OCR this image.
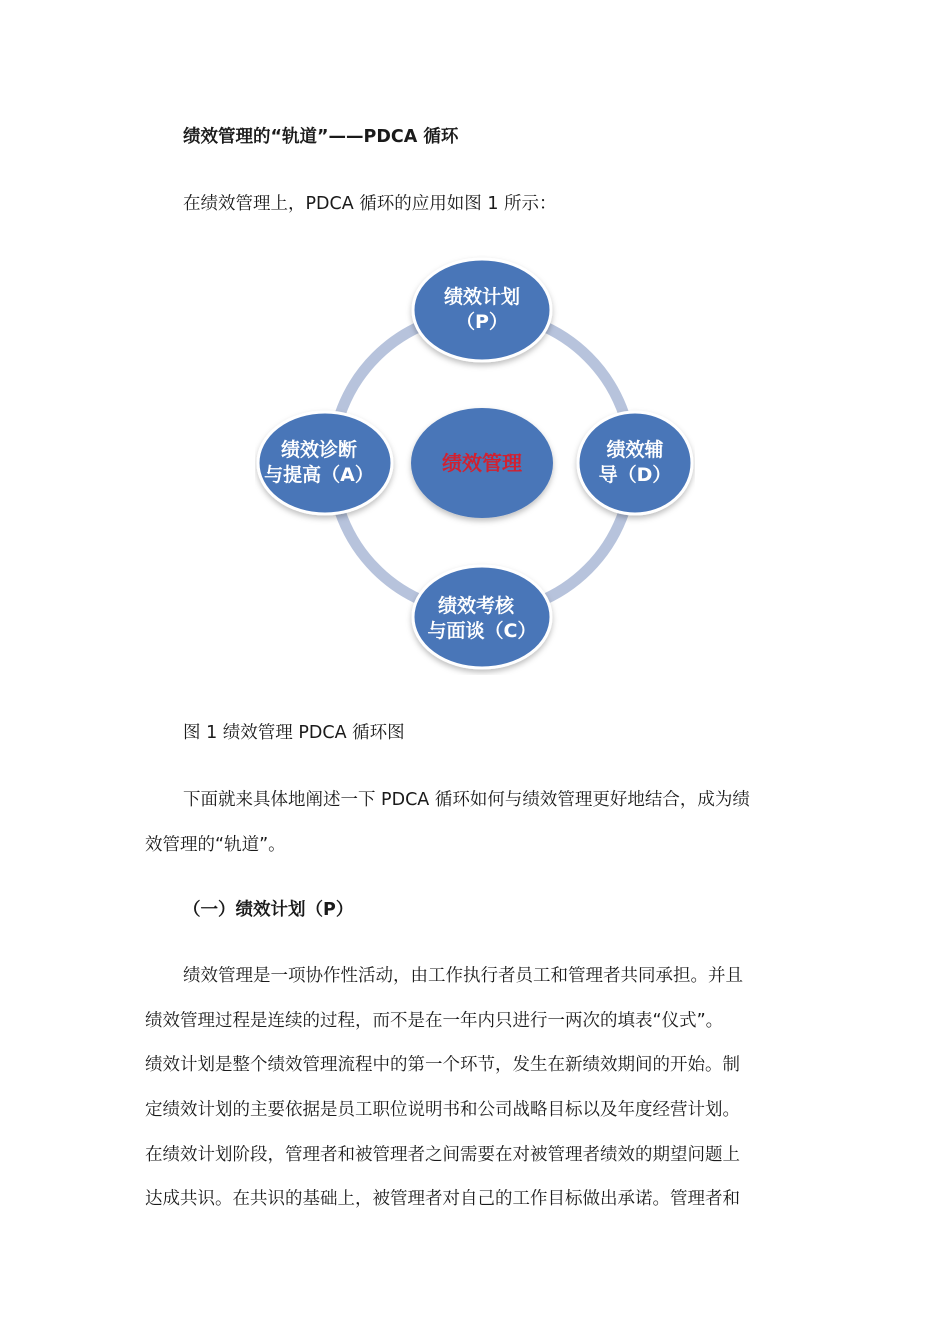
绩效管理的“轨道”——PDCA 循环

在绩效管理上，PDCA 循环的应用如图 1 所示：

绩效管理
绩效计划
（P）
绩效辅
导（D）
绩效考核
与面谈（C）
绩效诊断
与提高（A）

图 1 绩效管理 PDCA 循环图

下面就来具体地阐述一下 PDCA 循环如何与绩效管理更好地结合，成为绩

效管理的“轨道”。

（一）绩效计划（P）

绩效管理是一项协作性活动，由工作执行者员工和管理者共同承担。并且

绩效管理过程是连续的过程，而不是在一年内只进行一两次的填表“仪式”。

绩效计划是整个绩效管理流程中的第一个环节，发生在新绩效期间的开始。制

定绩效计划的主要依据是员工职位说明书和公司战略目标以及年度经营计划。

在绩效计划阶段，管理者和被管理者之间需要在对被管理者绩效的期望问题上

达成共识。在共识的基础上，被管理者对自己的工作目标做出承诺。管理者和
